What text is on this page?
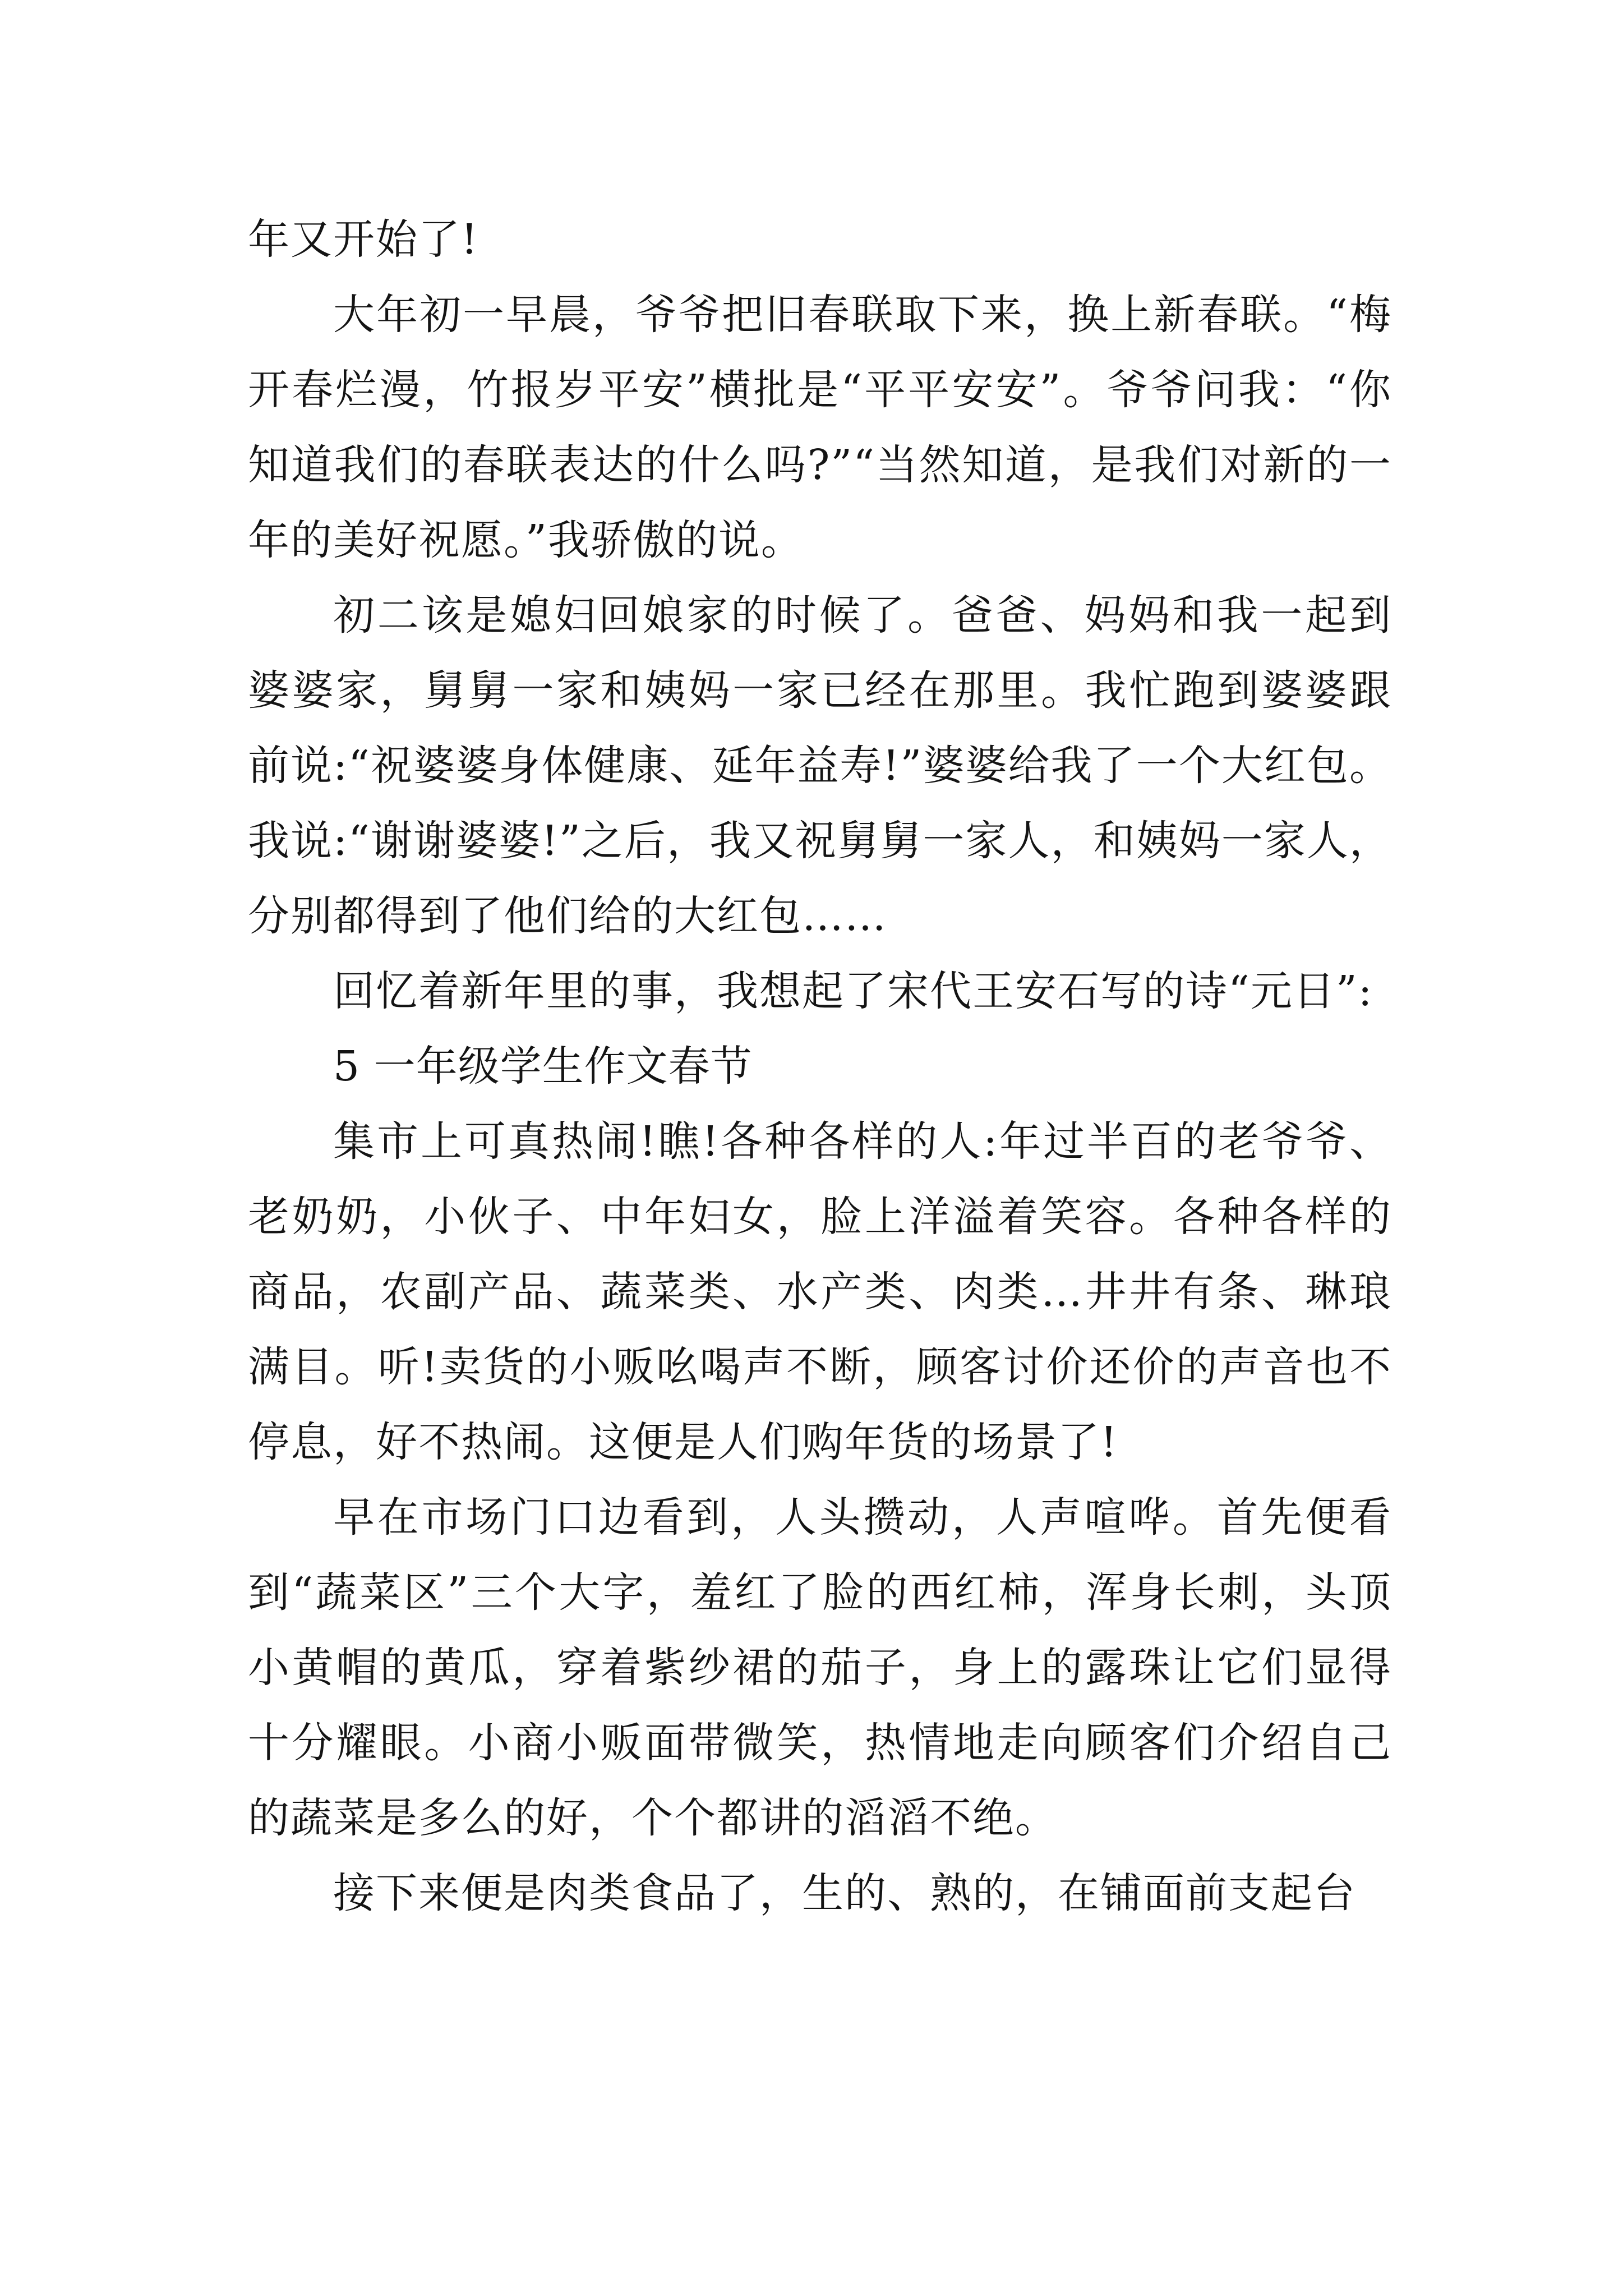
年又开始了!

大年初一早晨，爷爷把旧春联取下来，换上新春联。“梅开春烂漫，竹报岁平安”横批是“平平安安”。爷爷问我：“你知道我们的春联表达的什么吗?”“当然知道，是我们对新的一年的美好祝愿。”我骄傲的说。

初二该是媳妇回娘家的时候了。爸爸、妈妈和我一起到婆婆家，舅舅一家和姨妈一家已经在那里。我忙跑到婆婆跟前说:“祝婆婆身体健康、延年益寿!”婆婆给我了一个大红包。我说:“谢谢婆婆!”之后，我又祝舅舅一家人，和姨妈一家人，分别都得到了他们给的大红包……

回忆着新年里的事，我想起了宋代王安石写的诗“元日”:

5 一年级学生作文春节

集市上可真热闹!瞧!各种各样的人:年过半百的老爷爷、老奶奶，小伙子、中年妇女，脸上洋溢着笑容。各种各样的商品，农副产品、蔬菜类、水产类、肉类…井井有条、琳琅满目。听!卖货的小贩吆喝声不断，顾客讨价还价的声音也不停息，好不热闹。这便是人们购年货的场景了!

早在市场门口边看到，人头攒动，人声喧哗。首先便看到“蔬菜区”三个大字，羞红了脸的西红柿，浑身长刺，头顶小黄帽的黄瓜，穿着紫纱裙的茄子，身上的露珠让它们显得十分耀眼。小商小贩面带微笑，热情地走向顾客们介绍自己的蔬菜是多么的好，个个都讲的滔滔不绝。

接下来便是肉类食品了，生的、熟的，在铺面前支起台
